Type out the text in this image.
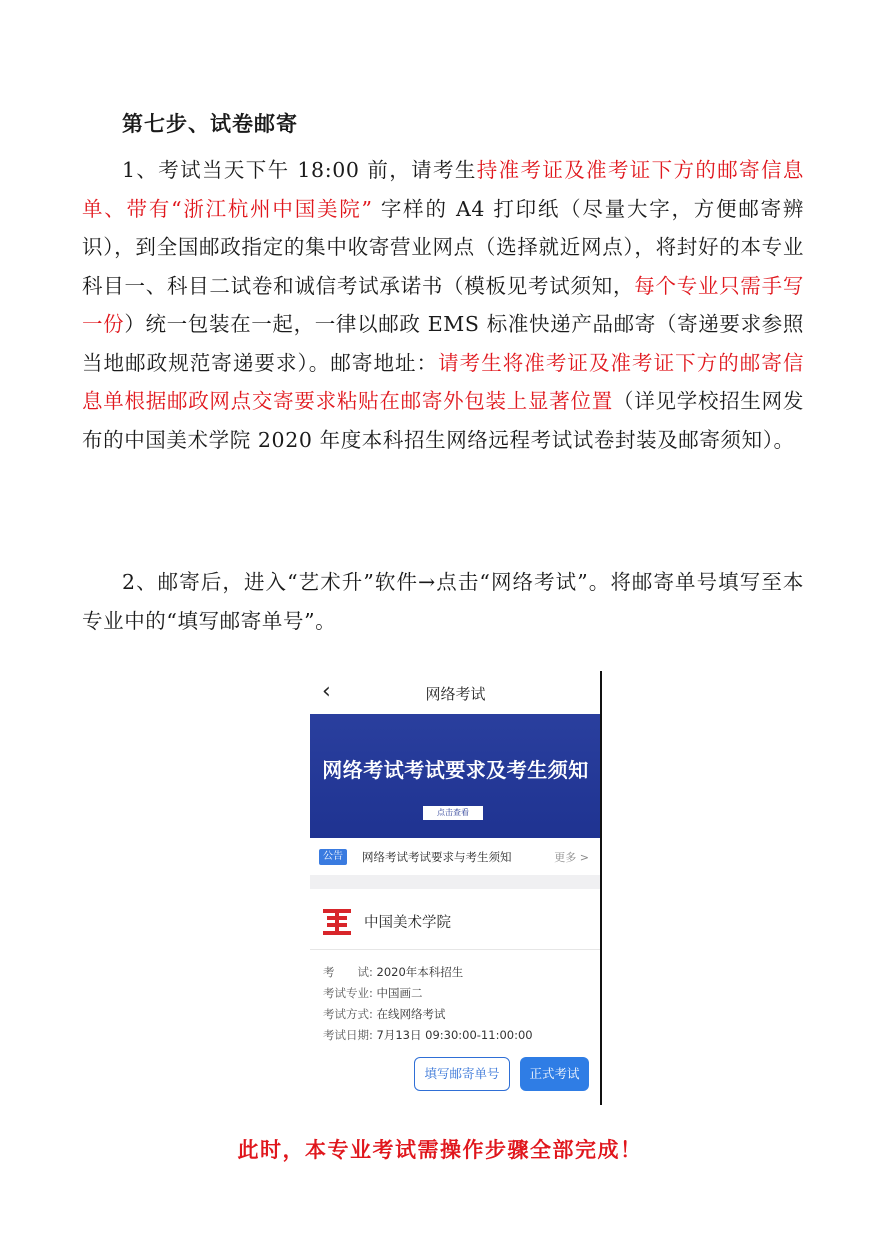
第七步、试卷邮寄
1、考试当天下午 18:00 前，请考生持准考证及准考证下方的邮寄信息单、带有“浙江杭州中国美院” 字样的 A4 打印纸（尽量大字，方便邮寄辨识），到全国邮政指定的集中收寄营业网点（选择就近网点），将封好的本专业科目一、科目二试卷和诚信考试承诺书（模板见考试须知，每个专业只需手写一份）统一包装在一起，一律以邮政 EMS 标准快递产品邮寄（寄递要求参照当地邮政规范寄递要求）。邮寄地址：请考生将准考证及准考证下方的邮寄信息单根据邮政网点交寄要求粘贴在邮寄外包装上显著位置（详见学校招生网发布的中国美术学院 2020 年度本科招生网络远程考试试卷封装及邮寄须知）。
2、邮寄后，进入“艺术升”软件→点击“网络考试”。将邮寄单号填写至本专业中的“填写邮寄单号”。
‹	网络考试
网络考试考试要求及考生须知
点击查看
公告	网络考试考试要求与考生须知	更多 >
中国美术学院
考　　试: 2020年本科招生
考试专业: 中国画二
考试方式: 在线网络考试
考试日期: 7月13日 09:30:00-11:00:00
填写邮寄单号	正式考试
此时，本专业考试需操作步骤全部完成！
